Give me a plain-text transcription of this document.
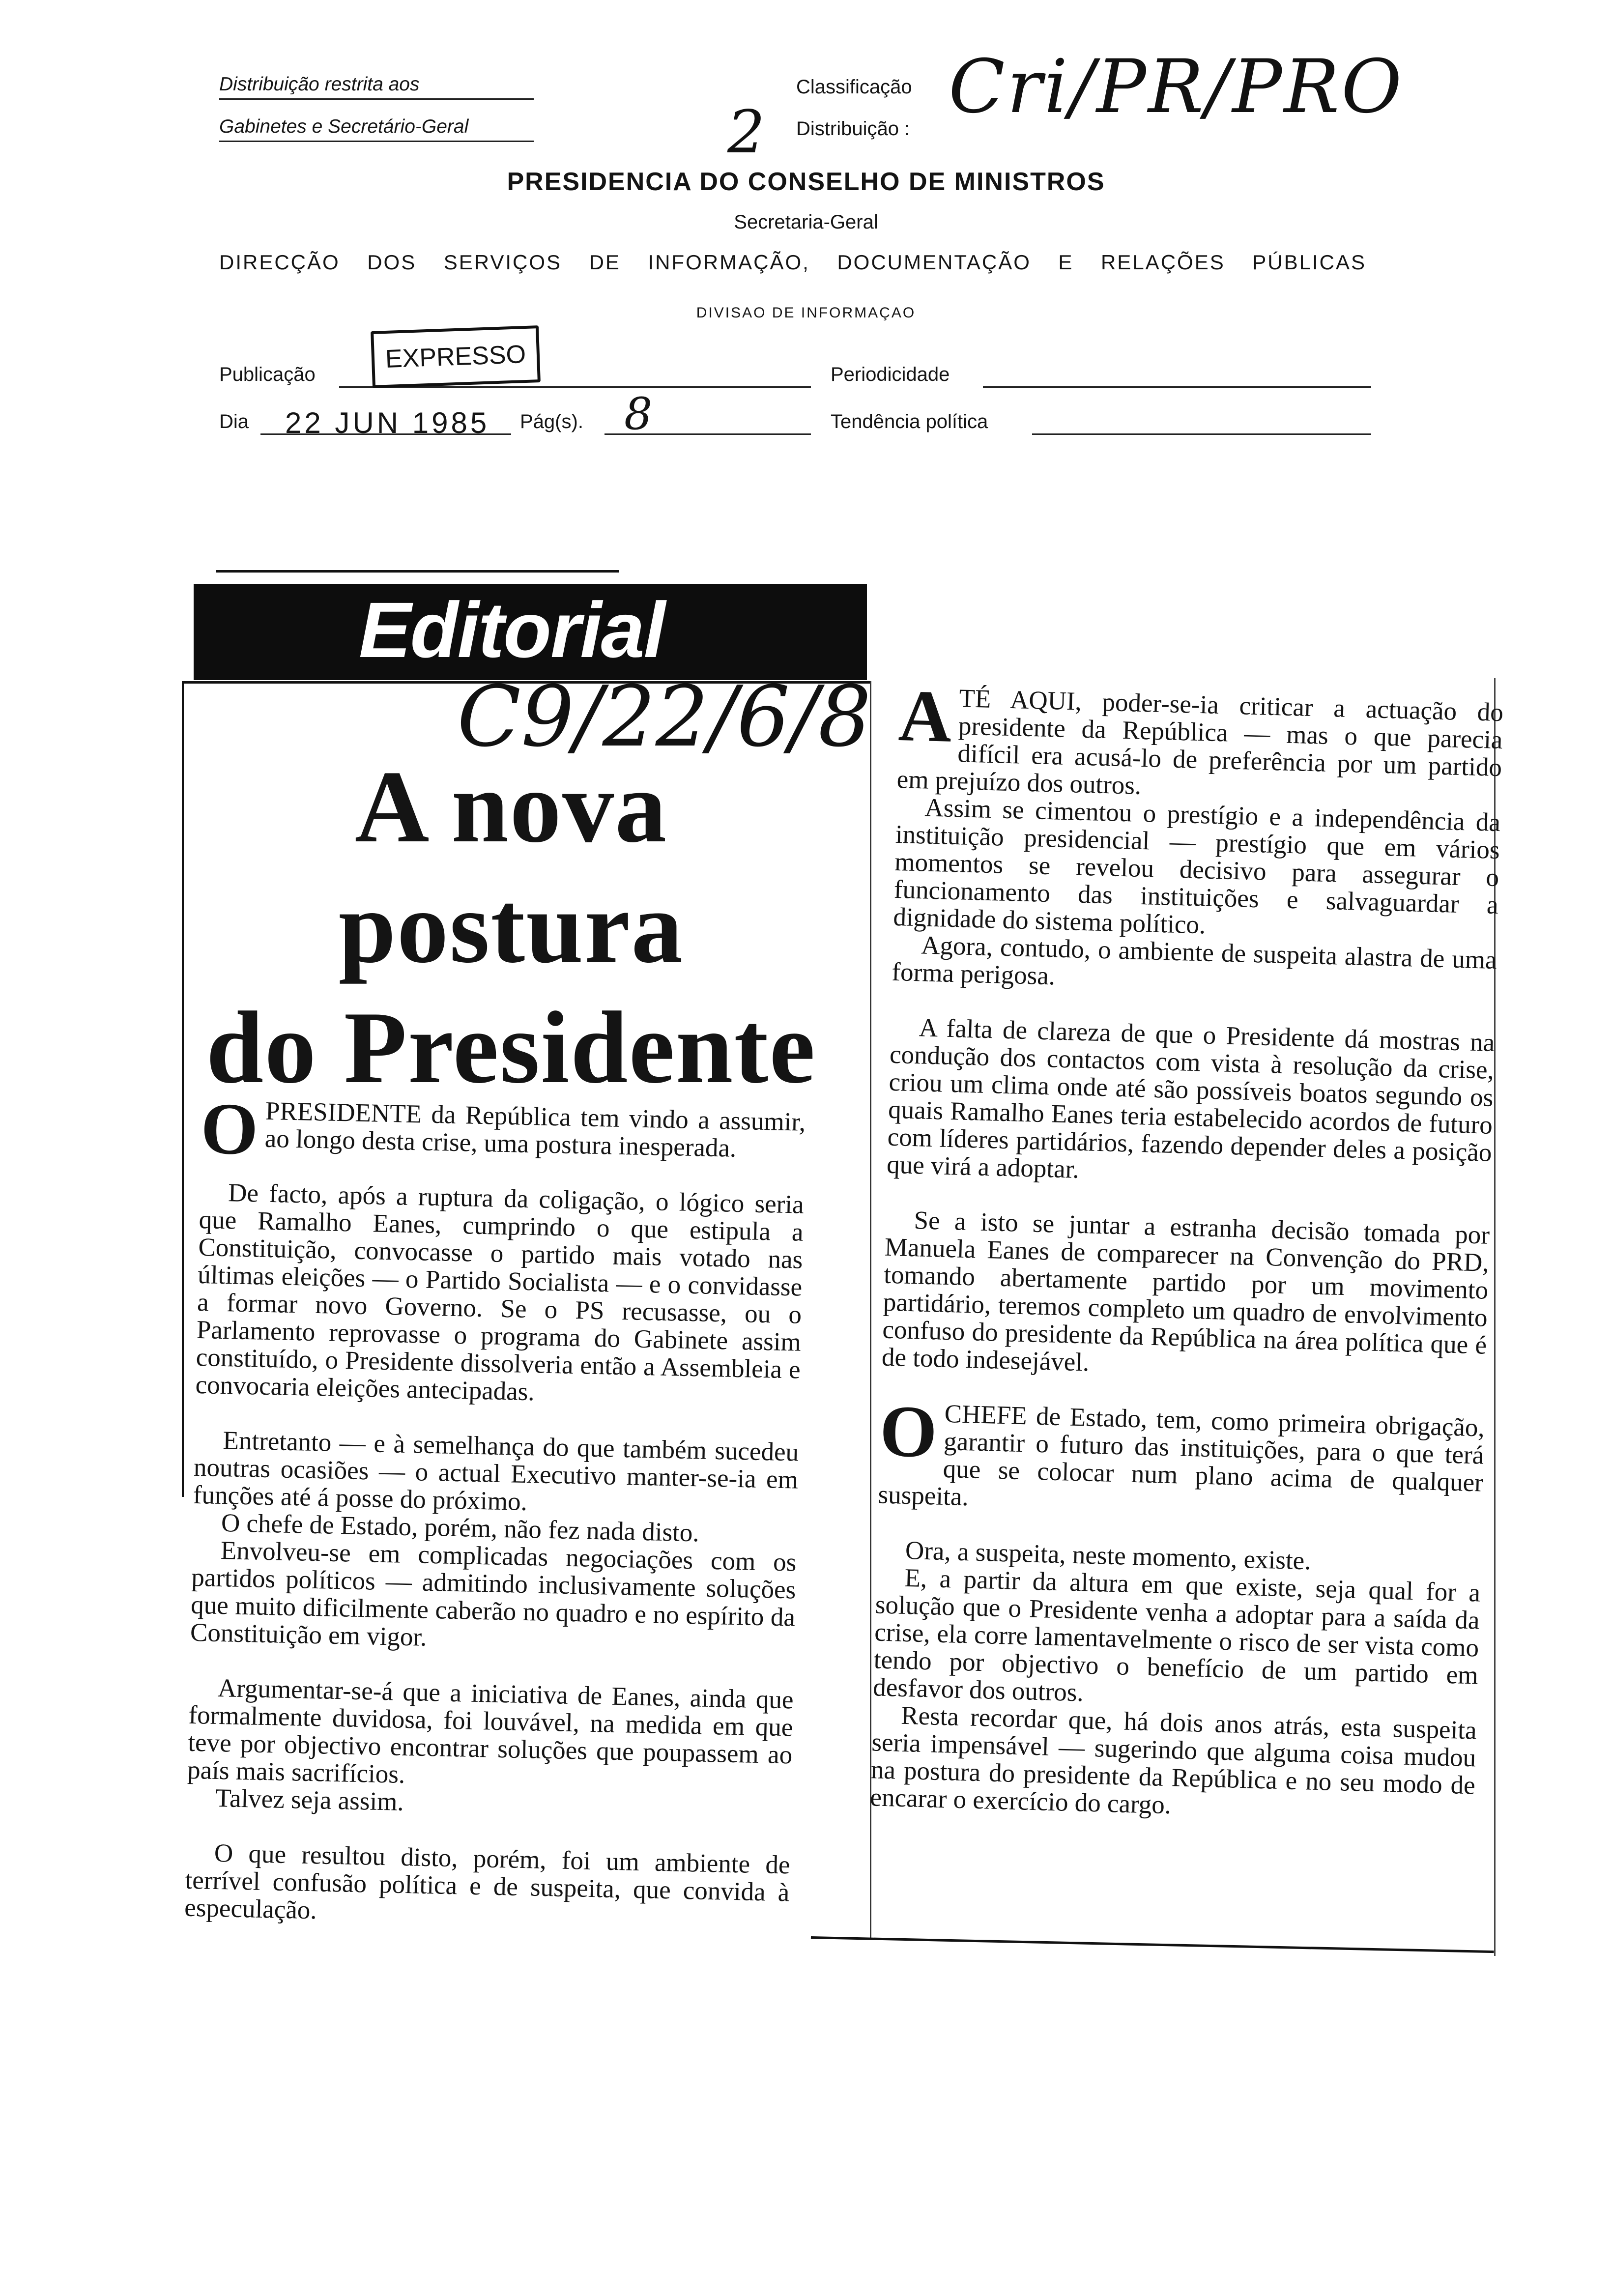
Distribuição restrita aos
Gabinetes e Secretário-Geral	2
Classificação
Distribuição : Cri/PR/PRO
PRESIDENCIA DO CONSELHO DE MINISTROS
Secretaria-Geral
DIRECÇÃO DOS SERVIÇOS DE INFORMAÇÃO, DOCUMENTAÇÃO E RELAÇÕES PÚBLICAS
DIVISAO DE INFORMAÇAO
Publicação
EXPRESSO
Periodicidade
Dia 22 JUN 1985 Pág(s). 8	Tendência política
Editorial
A nova
postura
do Presidente
C9/22/6/8

OPRESIDENTE da República tem vindo a assumir, ao longo desta crise, uma postura inesperada.

De facto, após a ruptura da coligação, o lógico seria que Ramalho Eanes, cumprindo o que estipula a Constituição, convocasse o partido mais votado nas últimas eleições — o Partido Socialista — e o convidasse a formar novo Governo. Se o PS recusasse, ou o Parlamento reprovasse o programa do Gabinete assim constituído, o Presidente dissolveria então a Assembleia e convocaria eleições antecipadas.

Entretanto — e à semelhança do que também sucedeu noutras ocasiões — o actual Executivo manter-se-ia em funções até á posse do próximo.

O chefe de Estado, porém, não fez nada disto.

Envolveu-se em complicadas negociações com os partidos políticos — admitindo inclusivamente soluções que muito dificilmente caberão no quadro e no espírito da Constituição em vigor.

Argumentar-se-á que a iniciativa de Eanes, ainda que formalmente duvidosa, foi louvável, na medida em que teve por objectivo encontrar soluções que poupassem ao país mais sacrifícios.

Talvez seja assim.

O que resultou disto, porém, foi um ambiente de terrível confusão política e de suspeita, que convida à especulação.

ATÉ AQUI, poder-se-ia criticar a actuação do presidente da República — mas o que parecia difícil era acusá-lo de preferência por um partido em prejuízo dos outros.

Assim se cimentou o prestígio e a independência da instituição presidencial — prestígio que em vários momentos se revelou decisivo para assegurar o funcionamento das instituições e salvaguardar a dignidade do sistema político.

Agora, contudo, o ambiente de suspeita alastra de uma forma perigosa.

A falta de clareza de que o Presidente dá mostras na condução dos contactos com vista à resolução da crise, criou um clima onde até são possíveis boatos segundo os quais Ramalho Eanes teria estabelecido acordos de futuro com líderes partidários, fazendo depender deles a posição que virá a adoptar.

Se a isto se juntar a estranha decisão tomada por Manuela Eanes de comparecer na Convenção do PRD, tomando abertamente partido por um movimento partidário, teremos completo um quadro de envolvimento confuso do presidente da República na área política que é de todo indesejável.

OCHEFE de Estado, tem, como primeira obrigação, garantir o futuro das instituições, para o que terá que se colocar num plano acima de qualquer suspeita.

Ora, a suspeita, neste momento, existe.

E, a partir da altura em que existe, seja qual for a solução que o Presidente venha a adoptar para a saída da crise, ela corre lamentavelmente o risco de ser vista como tendo por objectivo o benefício de um partido em desfavor dos outros.

Resta recordar que, há dois anos atrás, esta suspeita seria impensável — sugerindo que alguma coisa mudou na postura do presidente da República e no seu modo de encarar o exercício do cargo.
